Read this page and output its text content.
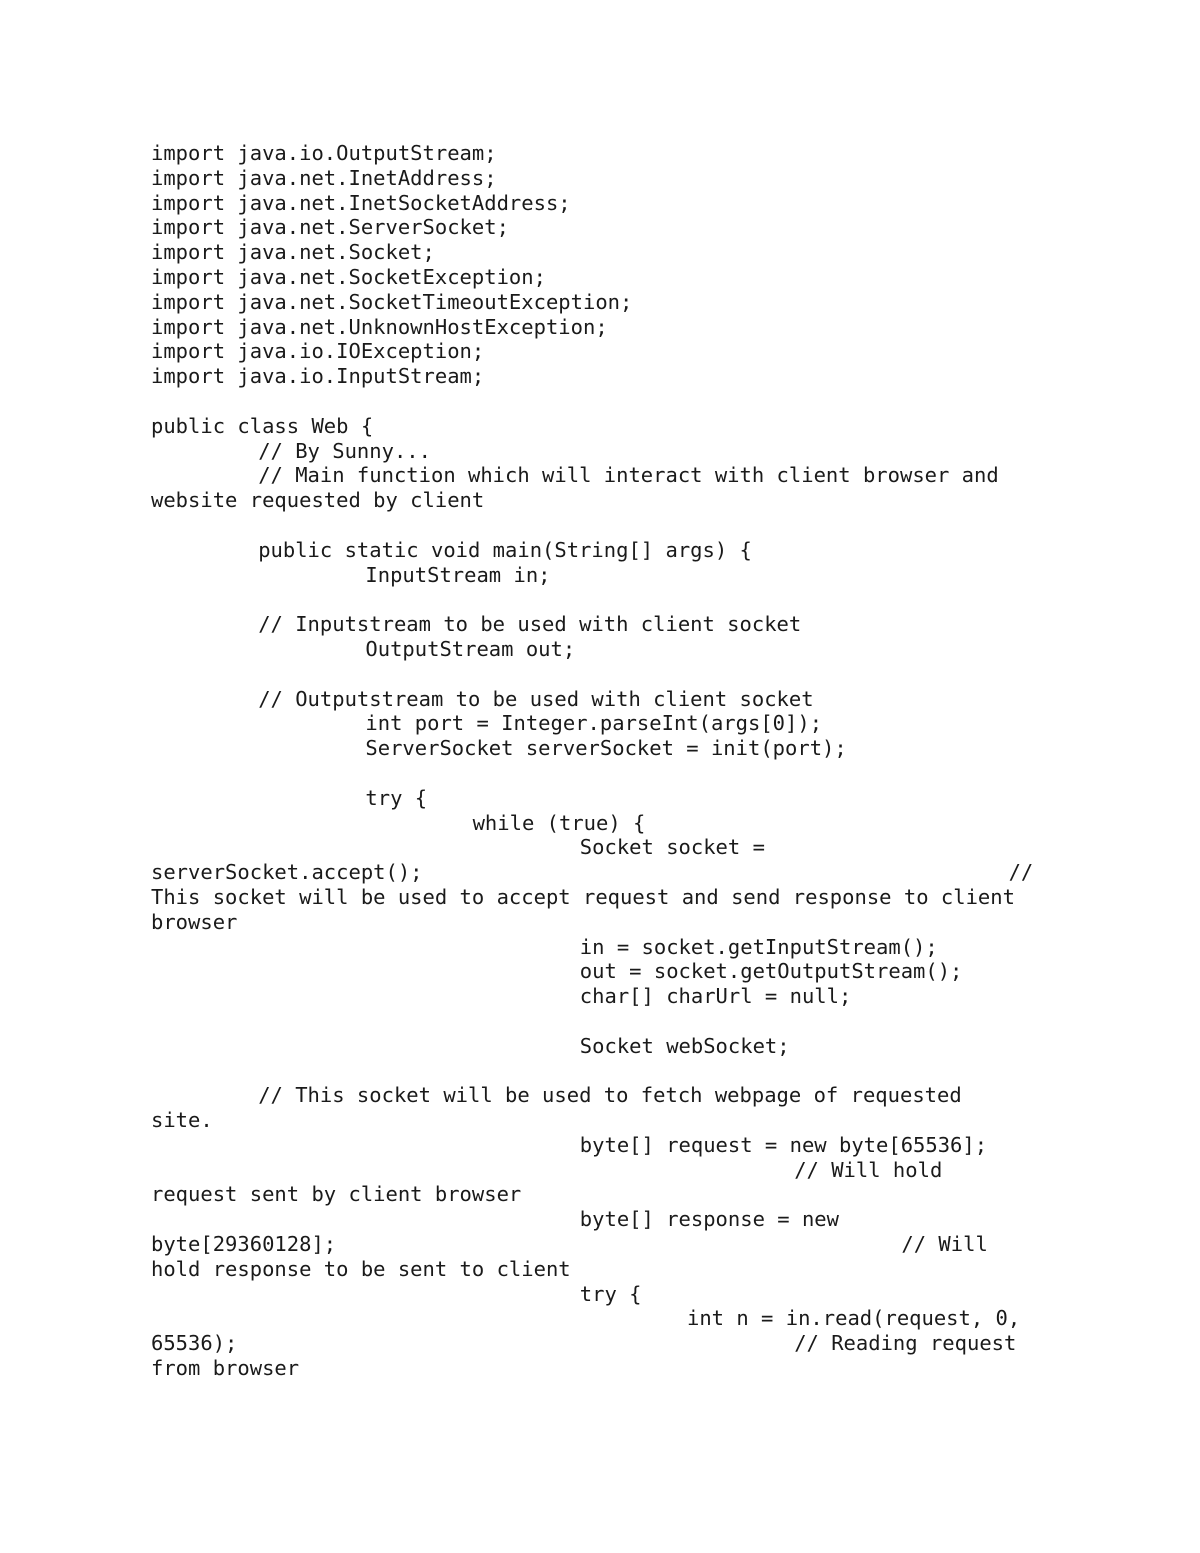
import java.io.OutputStream;
import java.net.InetAddress;
import java.net.InetSocketAddress;
import java.net.ServerSocket;
import java.net.Socket;
import java.net.SocketException;
import java.net.SocketTimeoutException;
import java.net.UnknownHostException;
import java.io.IOException;
import java.io.InputStream;
public class Web {
// By Sunny...
// Main function which will interact with client browser and
website requested by client
public static void main(String[] args) {
InputStream in;
// Inputstream to be used with client socket
OutputStream out;
// Outputstream to be used with client socket
int port = Integer.parseInt(args[0]);
ServerSocket serverSocket = init(port);
try {
while (true) {
Socket socket =
serverSocket.accept();	//
This socket will be used to accept request and send response to client
browser
in = socket.getInputStream();
out = socket.getOutputStream();
char[] charUrl = null;
Socket webSocket;
// This socket will be used to fetch webpage of requested
site.
byte[] request = new byte[65536];
// Will hold
request sent by client browser
byte[] response = new
byte[29360128];	// Will
hold response to be sent to client
try {
int n = in.read(request, 0,
65536);	// Reading request
from browser
